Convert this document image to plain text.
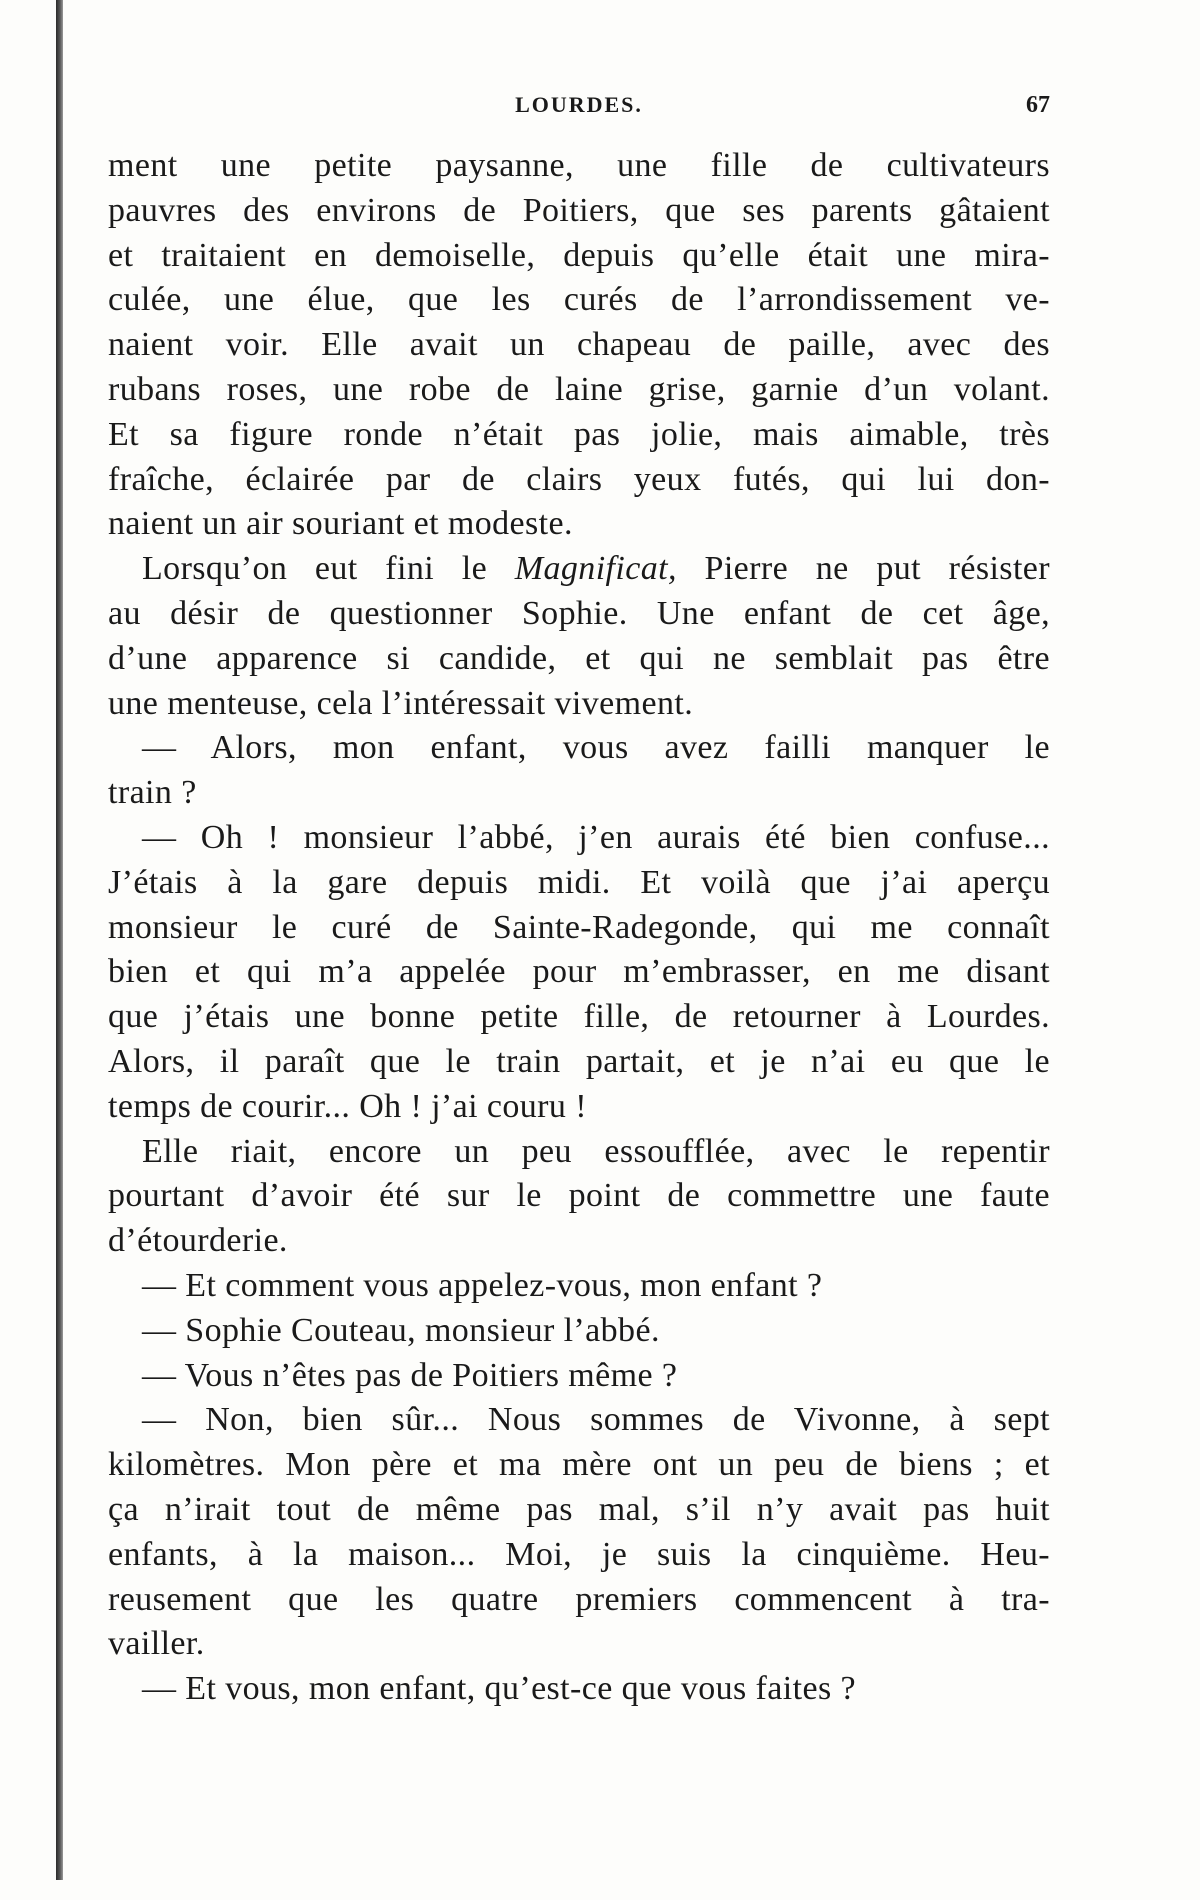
LOURDES.	67
ment une petite paysanne, une fille de cultivateurs
pauvres des environs de Poitiers, que ses parents gâtaient
et traitaient en demoiselle, depuis qu’elle était une mira-
culée, une élue, que les curés de l’arrondissement ve-
naient voir. Elle avait un chapeau de paille, avec des
rubans roses, une robe de laine grise, garnie d’un volant.
Et sa figure ronde n’était pas jolie, mais aimable, très
fraîche, éclairée par de clairs yeux futés, qui lui don-
naient un air souriant et modeste.
Lorsqu’on eut fini le Magnificat, Pierre ne put résister
au désir de questionner Sophie. Une enfant de cet âge,
d’une apparence si candide, et qui ne semblait pas être
une menteuse, cela l’intéressait vivement.
— Alors, mon enfant, vous avez failli manquer le
train ?
— Oh ! monsieur l’abbé, j’en aurais été bien confuse...
J’étais à la gare depuis midi. Et voilà que j’ai aperçu
monsieur le curé de Sainte-Radegonde, qui me connaît
bien et qui m’a appelée pour m’embrasser, en me disant
que j’étais une bonne petite fille, de retourner à Lourdes.
Alors, il paraît que le train partait, et je n’ai eu que le
temps de courir... Oh ! j’ai couru !
Elle riait, encore un peu essoufflée, avec le repentir
pourtant d’avoir été sur le point de commettre une faute
d’étourderie.
— Et comment vous appelez-vous, mon enfant ?
— Sophie Couteau, monsieur l’abbé.
— Vous n’êtes pas de Poitiers même ?
— Non, bien sûr... Nous sommes de Vivonne, à sept
kilomètres. Mon père et ma mère ont un peu de biens ; et
ça n’irait tout de même pas mal, s’il n’y avait pas huit
enfants, à la maison... Moi, je suis la cinquième. Heu-
reusement que les quatre premiers commencent à tra-
vailler.
— Et vous, mon enfant, qu’est-ce que vous faites ?
